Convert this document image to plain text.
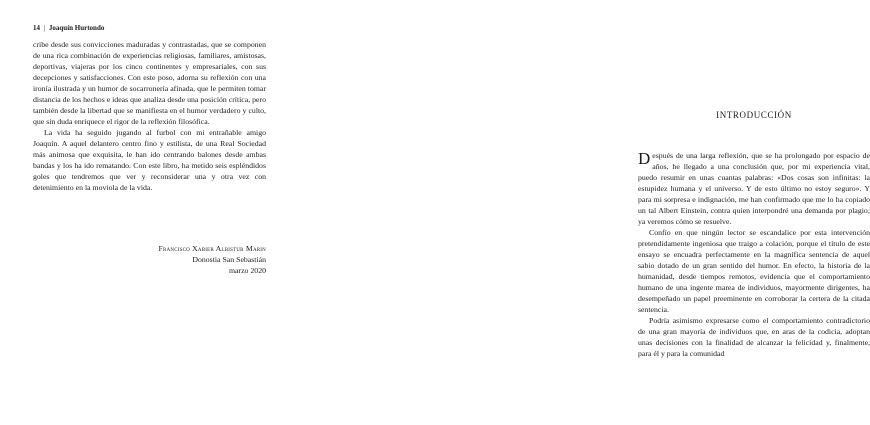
14 | Joaquín Hurtondo

cribe desde sus convicciones maduradas y contrastadas, que se componen de una rica combinación de experiencias religiosas, familiares, amistosas, deportivas, viajeras por los cinco continentes y empresariales, con sus decepciones y satisfacciones. Con este poso, adorna su reflexión con una ironía ilustrada y un humor de socarronería afinada, que le permiten tomar distancia de los hechos e ideas que analiza desde una posición crítica, pero también desde la libertad que se manifiesta en el humor verdadero y culto, que sin duda enriquece el rigor de la reflexión filosófica.

La vida ha seguido jugando al furbol con mi entrañable amigo Joaquín. A aquel delantero centro fino y estilista, de una Real Sociedad más animosa que exquisita, le han ido centrando balones desde ambas bandas y los ha ido rematando. Con este libro, ha metido seis espléndidos goles que tendremos que ver y reconsiderar una y otra vez con detenimiento en la moviola de la vida.

Francisco Xabier Albistur Marin
Donostia San Sebastián
marzo 2020
INTRODUCCIÓN

Después de una larga reflexión, que se ha prolongado por espacio de años, he llegado a una conclusión que, por mi experiencia vital, puedo resumir en unas cuantas palabras: «Dos cosas son infinitas: la estupidez humana y el universo. Y de esto último no estoy seguro». Y para mi sorpresa e indignación, me han confirmado que me lo ha copiado un tal Albert Einstein, contra quien interpondré una demanda por plagio; ya veremos cómo se resuelve.

Confío en que ningún lector se escandalice por esta intervención pretendidamente ingeniosa que traigo a colación, porque el título de este ensayo se encuadra perfectamente en la magnífica sentencia de aquel sabio dotado de un gran sentido del humor. En efecto, la historia de la humanidad, desde tiempos remotos, evidencia que el comportamiento humano de una ingente marea de individuos, mayormente dirigentes, ha desempeñado un papel preeminente en corroborar la certera de la citada sentencia.

Podría asimismo expresarse como el comportamiento contradictorio de una gran mayoría de individuos que, en aras de la codicia, adoptan unas decisiones con la finalidad de alcanzar la felicidad y, finalmente, para él y para la comunidad
